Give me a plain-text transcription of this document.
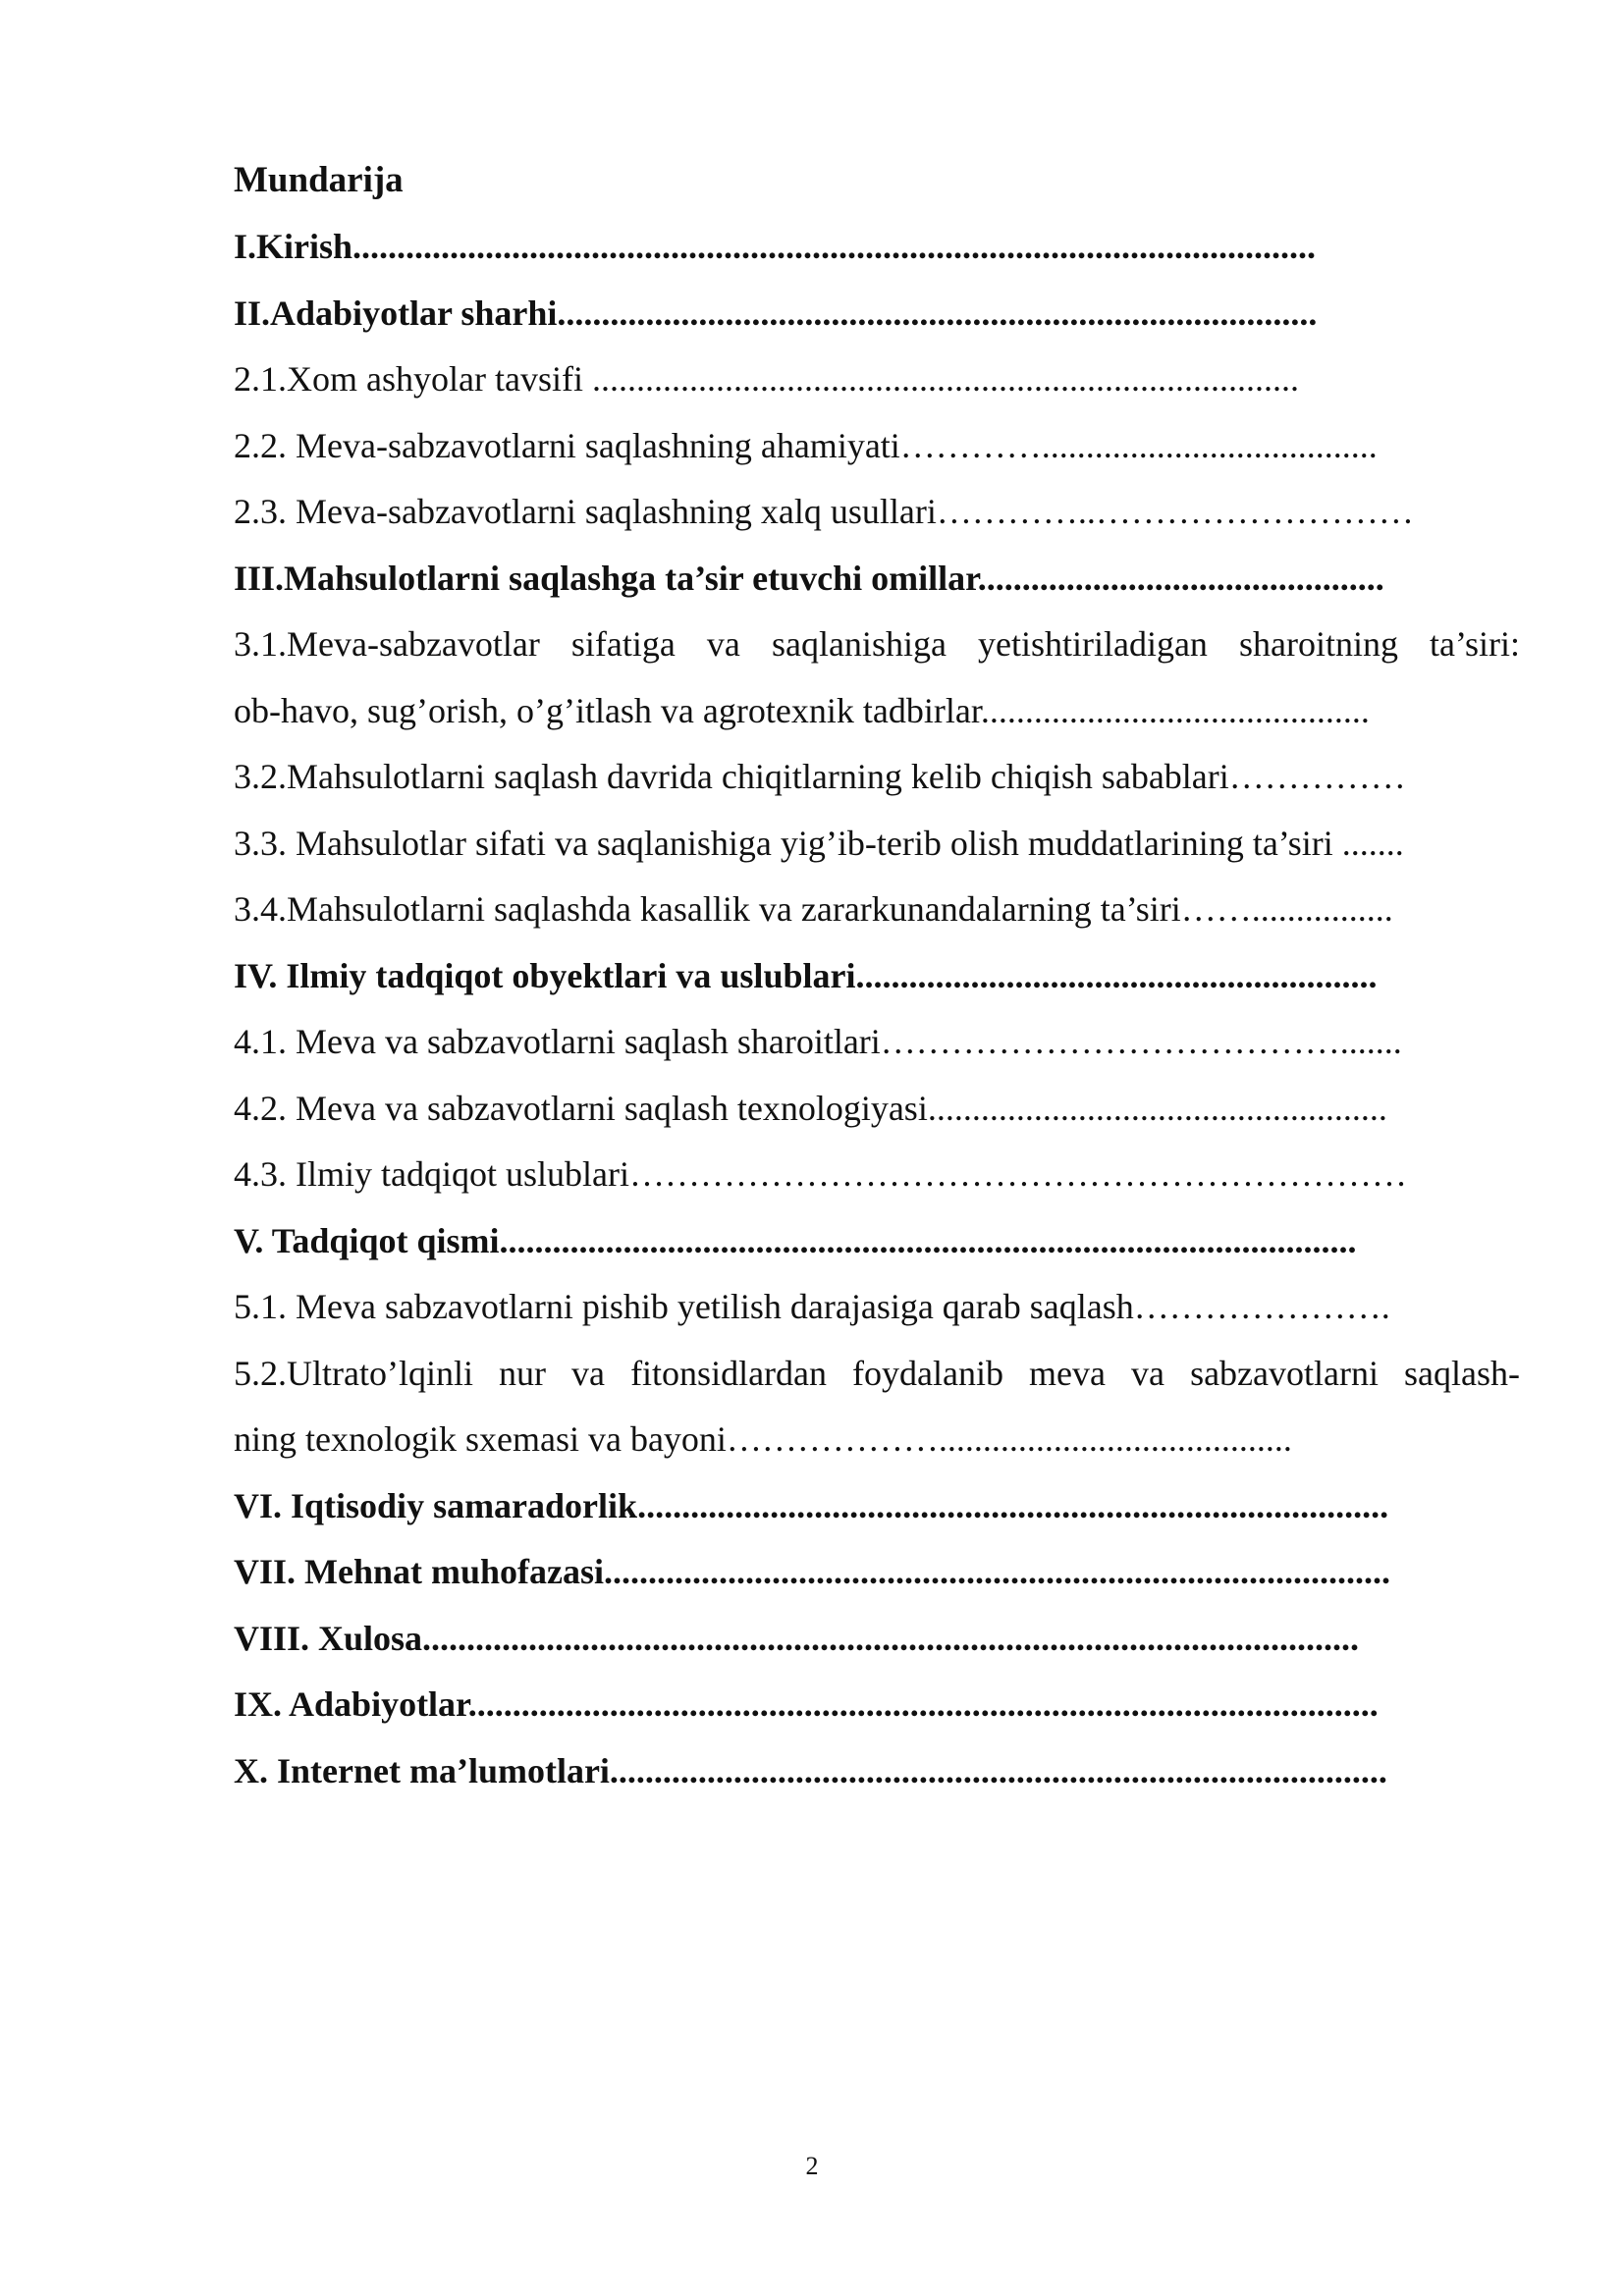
Mundarija
I.Kirish.............................................................................................................
II.Adabiyotlar sharhi......................................................................................
2.1.Xom ashyolar tavsifi ................................................................................
2.2. Meva-sabzavotlarni saqlashning ahamiyati…………......................................
2.3. Meva-sabzavotlarni saqlashning xalq usullari…………..………………………
III.Mahsulotlarni saqlashga ta’sir etuvchi omillar..............................................
3.1.Meva-sabzavotlar sifatiga va saqlanishiga yetishtiriladigan sharoitning ta’siri:
ob-havo, sug’orish, o’g’itlash va agrotexnik tadbirlar............................................
3.2.Mahsulotlarni saqlash davrida chiqitlarning kelib chiqish sabablari……………
3.3. Mahsulotlar sifati va saqlanishiga yig’ib-terib olish muddatlarining ta’siri .......
3.4.Mahsulotlarni saqlashda kasallik va zararkunandalarning ta’siri……................
IV. Ilmiy tadqiqot obyektlari va uslublari...........................................................
4.1. Meva va sabzavotlarni saqlash sharoitlari………………………………….......
4.2. Meva va sabzavotlarni saqlash texnologiyasi....................................................
4.3. Ilmiy tadqiqot uslublari…………………………………………………………
V. Tadqiqot qismi.................................................................................................
5.1. Meva sabzavotlarni pishib yetilish darajasiga qarab saqlash………………….
5.2.Ultrato’lqinli nur va fitonsidlardan foydalanib meva va sabzavotlarni saqlash-
ning texnologik sxemasi va bayoni………………........................................
VI. Iqtisodiy samaradorlik.....................................................................................
VII. Mehnat muhofazasi.........................................................................................
VIII. Xulosa..........................................................................................................
IX. Adabiyotlar.......................................................................................................
X. Internet ma’lumotlari........................................................................................
2
